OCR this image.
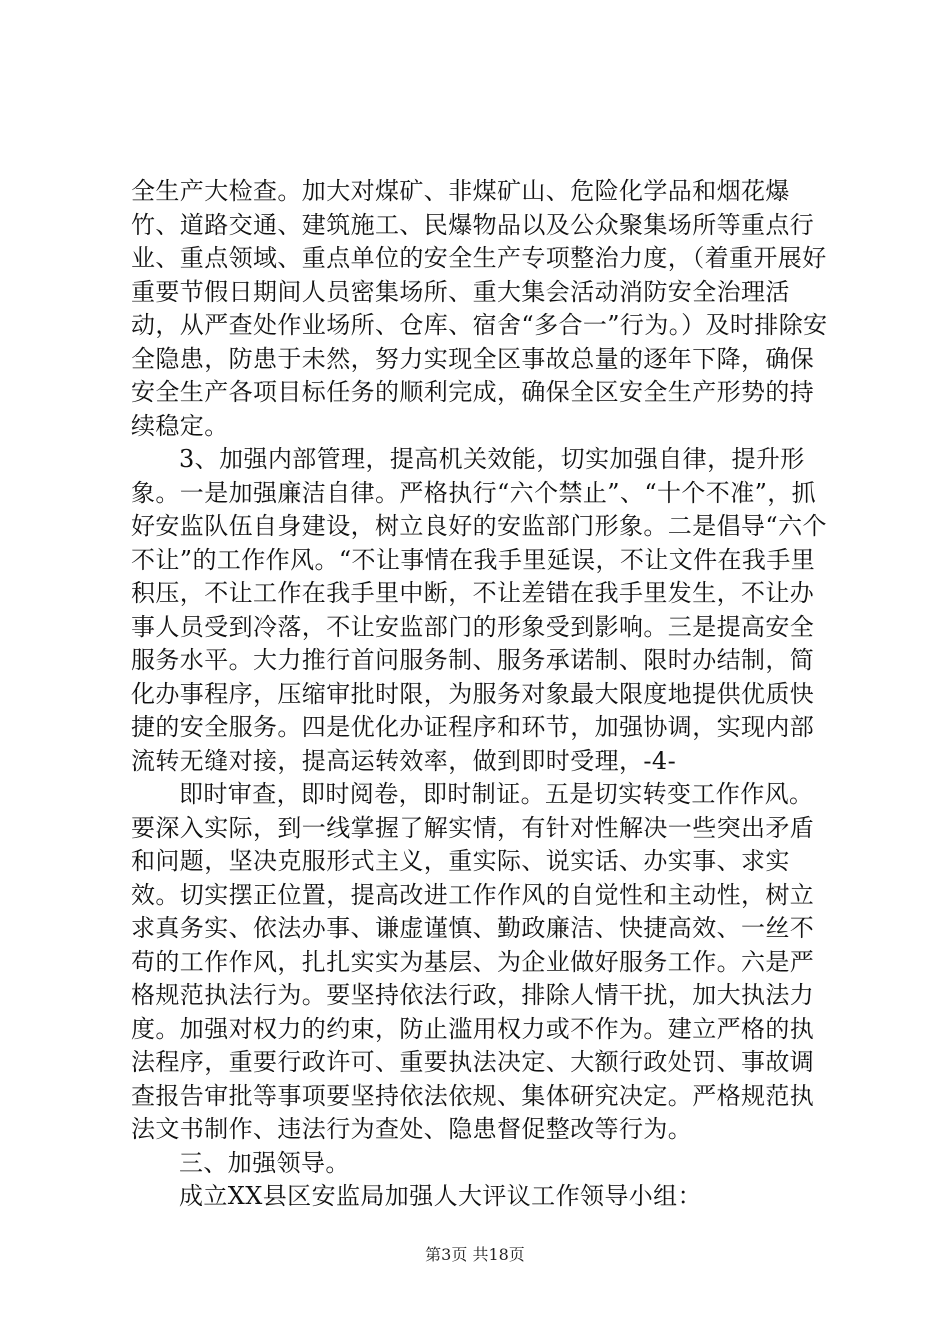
全生产大检查。加大对煤矿、非煤矿山、危险化学品和烟花爆竹、道路交通、建筑施工、民爆物品以及公众聚集场所等重点行业、重点领域、重点单位的安全生产专项整治力度，（着重开展好重要节假日期间人员密集场所、重大集会活动消防安全治理活动，从严查处作业场所、仓库、宿舍“多合一”行为。）及时排除安全隐患，防患于未然，努力实现全区事故总量的逐年下降，确保安全生产各项目标任务的顺利完成，确保全区安全生产形势的持续稳定。

3、加强内部管理，提高机关效能，切实加强自律，提升形象。一是加强廉洁自律。严格执行“六个禁止”、“十个不准”，抓好安监队伍自身建设，树立良好的安监部门形象。二是倡导“六个不让”的工作作风。“不让事情在我手里延误，不让文件在我手里积压，不让工作在我手里中断，不让差错在我手里发生，不让办事人员受到冷落，不让安监部门的形象受到影响。三是提高安全服务水平。大力推行首问服务制、服务承诺制、限时办结制，简化办事程序，压缩审批时限，为服务对象最大限度地提供优质快捷的安全服务。四是优化办证程序和环节，加强协调，实现内部流转无缝对接，提高运转效率，做到即时受理，-4-

即时审查，即时阅卷，即时制证。五是切实转变工作作风。要深入实际，到一线掌握了解实情，有针对性解决一些突出矛盾和问题，坚决克服形式主义，重实际、说实话、办实事、求实效。切实摆正位置，提高改进工作作风的自觉性和主动性，树立求真务实、依法办事、谦虚谨慎、勤政廉洁、快捷高效、一丝不苟的工作作风，扎扎实实为基层、为企业做好服务工作。六是严格规范执法行为。要坚持依法行政，排除人情干扰，加大执法力度。加强对权力的约束，防止滥用权力或不作为。建立严格的执法程序，重要行政许可、重要执法决定、大额行政处罚、事故调查报告审批等事项要坚持依法依规、集体研究决定。严格规范执法文书制作、违法行为查处、隐患督促整改等行为。

三、加强领导。

成立XX县区安监局加强人大评议工作领导小组：

第3页 共18页
